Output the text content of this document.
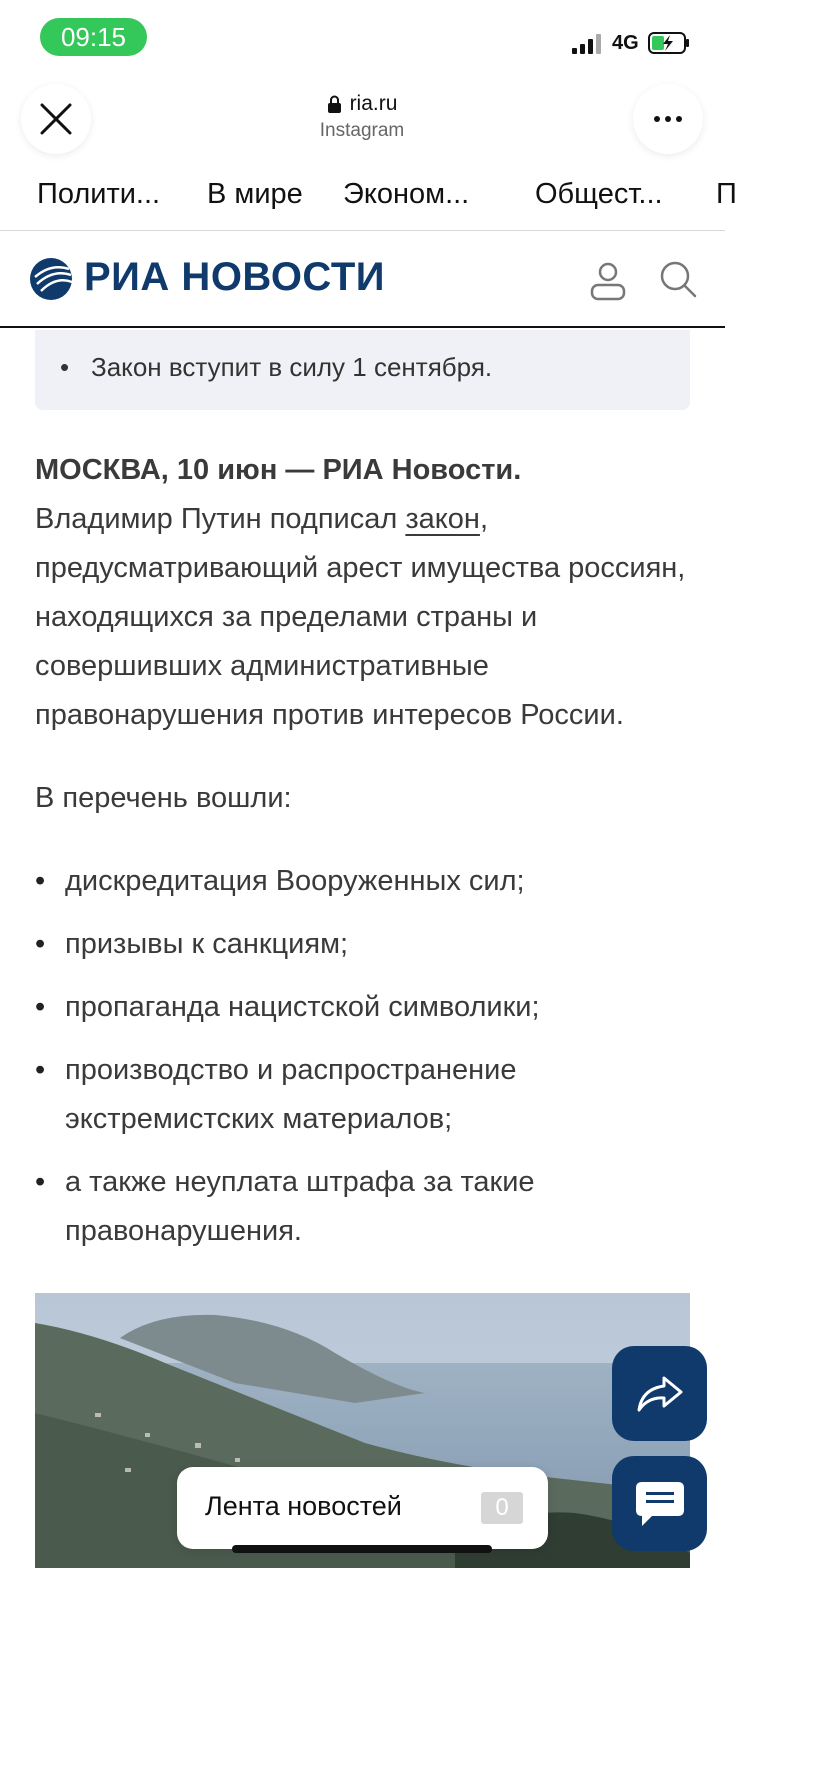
09:15	4G
ria.ru
Instagram
Полити... В мире Эконом... Общест... П
РИА НОВОСТИ
• Закон вступит в силу 1 сентября.
МОСКВА, 10 июн — РИА Новости.
Владимир Путин подписал закон, предусматривающий арест имущества россиян, находящихся за пределами страны и совершивших административные правонарушения против интересов России.
В перечень вошли:
• дискредитация Вооруженных сил;
• призывы к санкциям;
• пропаганда нацистской символики;
• производство и распространение экстремистских материалов;
• а также неуплата штрафа за такие правонарушения.
Лента новостей	0
